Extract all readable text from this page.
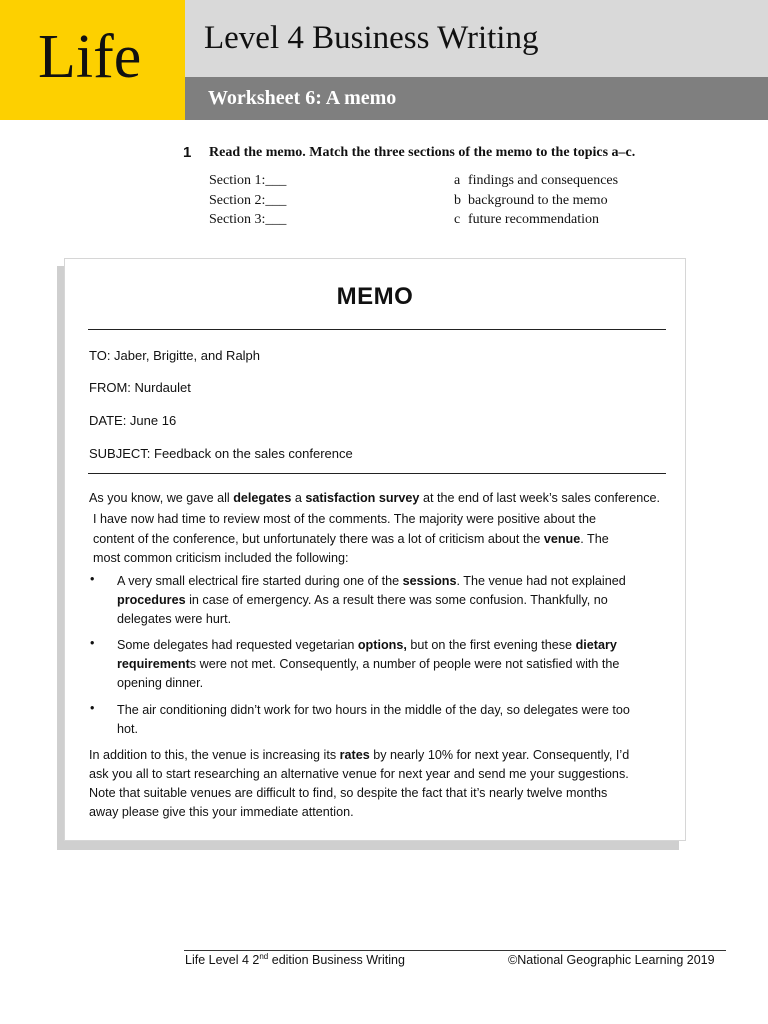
Life Level 4 Business Writing
Worksheet 6: A memo
1 Read the memo. Match the three sections of the memo to the topics a–c.
Section 1:___
Section 2:___
Section 3:___
a findings and consequences
b background to the memo
c future recommendation
MEMO
TO: Jaber, Brigitte, and Ralph
FROM: Nurdaulet
DATE: June 16
SUBJECT: Feedback on the sales conference
As you know, we gave all delegates a satisfaction survey at the end of last week’s sales conference.
I have now had time to review most of the comments. The majority were positive about the
content of the conference, but unfortunately there was a lot of criticism about the venue. The
most common criticism included the following:
• A very small electrical fire started during one of the sessions. The venue had not explained
procedures in case of emergency. As a result there was some confusion. Thankfully, no
delegates were hurt.
• Some delegates had requested vegetarian options, but on the first evening these dietary
requirements were not met. Consequently, a number of people were not satisfied with the
opening dinner.
• The air conditioning didn’t work for two hours in the middle of the day, so delegates were too
hot.
In addition to this, the venue is increasing its rates by nearly 10% for next year. Consequently, I’d
ask you all to start researching an alternative venue for next year and send me your suggestions.
Note that suitable venues are difficult to find, so despite the fact that it’s nearly twelve months
away please give this your immediate attention.
Life Level 4 2nd edition Business Writing	©National Geographic Learning 2019
